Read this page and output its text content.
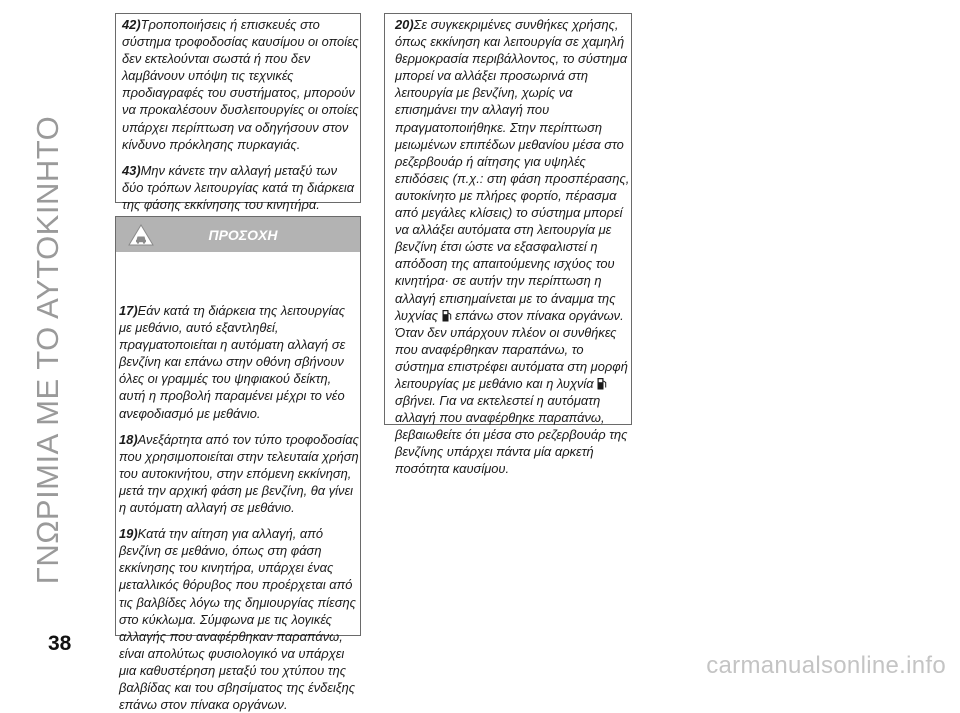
ΓΝΩΡΙΜΙΑ ΜΕ ΤΟ ΑΥΤΟΚΙΝΗΤΟ
38
carmanualsonline.info

42)Τροποποιήσεις ή επισκευές στο σύστημα τροφοδοσίας καυσίμου οι οποίες δεν εκτελούνται σωστά ή που δεν λαμβάνουν υπόψη τις τεχνικές προδιαγραφές του συστήματος, μπορούν να προκαλέσουν δυσλειτουργίες οι οποίες υπάρχει περίπτωση να οδηγήσουν στον κίνδυνο πρόκλησης πυρκαγιάς.

43)Μην κάνετε την αλλαγή μεταξύ των δύο τρόπων λειτουργίας κατά τη διάρκεια της φάσης εκκίνησης του κινητήρα.

ΠΡΟΣΟΧΗ

17)Εάν κατά τη διάρκεια της λειτουργίας με μεθάνιο, αυτό εξαντληθεί, πραγματοποιείται η αυτόματη αλλαγή σε βενζίνη και επάνω στην οθόνη σβήνουν όλες οι γραμμές του ψηφιακού δείκτη, αυτή η προβολή παραμένει μέχρι το νέο ανεφοδιασμό με μεθάνιο.

18)Ανεξάρτητα από τον τύπο τροφοδοσίας που χρησιμοποιείται στην τελευταία χρήση του αυτοκινήτου, στην επόμενη εκκίνηση, μετά την αρχική φάση με βενζίνη, θα γίνει η αυτόματη αλλαγή σε μεθάνιο.

19)Κατά την αίτηση για αλλαγή, από βενζίνη σε μεθάνιο, όπως στη φάση εκκίνησης του κινητήρα, υπάρχει ένας μεταλλικός θόρυβος που προέρχεται από τις βαλβίδες λόγω της δημιουργίας πίεσης στο κύκλωμα. Σύμφωνα με τις λογικές αλλαγής που αναφέρθηκαν παραπάνω, είναι απολύτως φυσιολογικό να υπάρχει μια καθυστέρηση μεταξύ του χτύπου της βαλβίδας και του σβησίματος της ένδειξης επάνω στον πίνακα οργάνων.

20)Σε συγκεκριμένες συνθήκες χρήσης, όπως εκκίνηση και λειτουργία σε χαμηλή θερμοκρασία περιβάλλοντος, το σύστημα μπορεί να αλλάξει προσωρινά στη λειτουργία με βενζίνη, χωρίς να επισημάνει την αλλαγή που πραγματοποιήθηκε. Στην περίπτωση μειωμένων επιπέδων μεθανίου μέσα στο ρεζερβουάρ ή αίτησης για υψηλές επιδόσεις (π.χ.: στη φάση προσπέρασης, αυτοκίνητο με πλήρες φορτίο, πέρασμα από μεγάλες κλίσεις) το σύστημα μπορεί να αλλάξει αυτόματα στη λειτουργία με βενζίνη έτσι ώστε να εξασφαλιστεί η απόδοση της απαιτούμενης ισχύος του κινητήρα· σε αυτήν την περίπτωση η αλλαγή επισημαίνεται με το άναμμα της λυχνίας επάνω στον πίνακα οργάνων. Όταν δεν υπάρχουν πλέον οι συνθήκες που αναφέρθηκαν παραπάνω, το σύστημα επιστρέφει αυτόματα στη μορφή λειτουργίας με μεθάνιο και η λυχνία  σβήνει. Για να εκτελεστεί η αυτόματη αλλαγή που αναφέρθηκε παραπάνω, βεβαιωθείτε ότι μέσα στο ρεζερβουάρ της βενζίνης υπάρχει πάντα μία αρκετή ποσότητα καυσίμου.
